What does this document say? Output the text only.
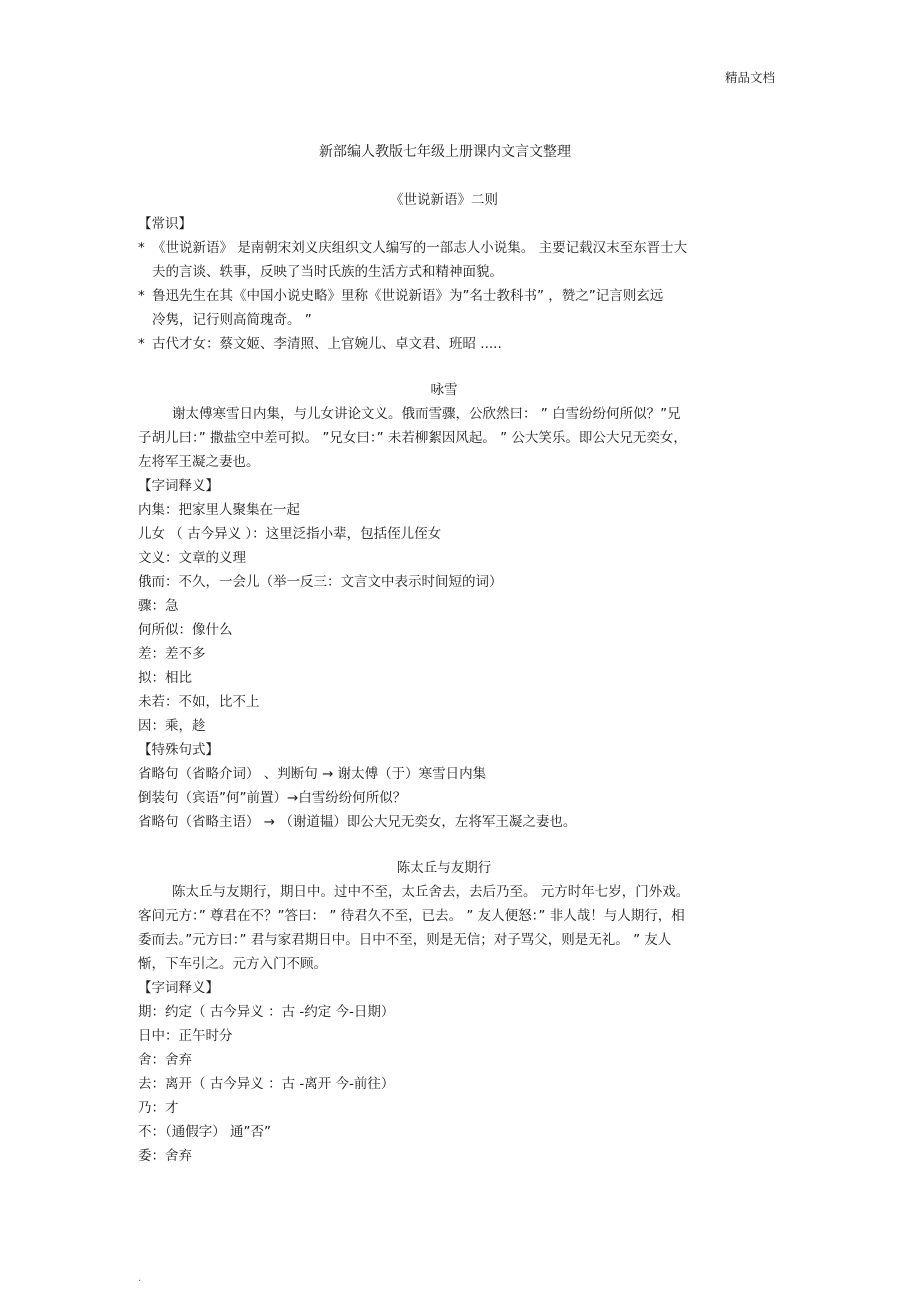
精品文档
新部编人教版七年级上册课内文言文整理
《世说新语》二则
【常识】
* 《世说新语》 是南朝宋刘义庆组织文人编写的一部志人小说集。 主要记载汉末至东晋士大
夫的言谈、轶事，反映了当时氏族的生活方式和精神面貌。
* 鲁迅先生在其《中国小说史略》里称《世说新语》为”名士教科书” ，赞之”记言则玄远
冷隽，记行则高简瑰奇。 ”
* 古代才女：蔡文姬、李清照、上官婉儿、卓文君、班昭 .....
咏雪
谢太傅寒雪日内集，与儿女讲论文义。俄而雪骤，公欣然曰： ” 白雪纷纷何所似？”兄
子胡儿曰：” 撒盐空中差可拟。 ”兄女曰：” 未若柳絮因风起。 ” 公大笑乐。即公大兄无奕女，
左将军王凝之妻也。
【字词释义】
内集：把家里人聚集在一起
儿女 （ 古今异义 ）：这里泛指小辈，包括侄儿侄女
文义：文章的义理
俄而：不久，一会儿（举一反三：文言文中表示时间短的词）
骤：急
何所似：像什么
差：差不多
拟：相比
未若：不如，比不上
因：乘，趁
【特殊句式】
省略句（省略介词） 、判断句 → 谢太傅（于）寒雪日内集
倒装句（宾语”何”前置）→白雪纷纷何所似？
省略句（省略主语） → （谢道韫）即公大兄无奕女，左将军王凝之妻也。
陈太丘与友期行
陈太丘与友期行，期日中。过中不至，太丘舍去，去后乃至。 元方时年七岁，门外戏。
客问元方：” 尊君在不？”答曰： ” 待君久不至，已去。 ” 友人便怒：” 非人哉！与人期行，相
委而去。”元方曰：” 君与家君期日中。日中不至，则是无信；对子骂父，则是无礼。 ” 友人
惭，下车引之。元方入门不顾。
【字词释义】
期：约定（ 古今异义 ：古 -约定 今-日期）
日中：正午时分
舍：舍弃
去：离开（ 古今异义 ：古 -离开 今-前往）
乃：才
不：（通假字） 通”否”
委：舍弃
.
